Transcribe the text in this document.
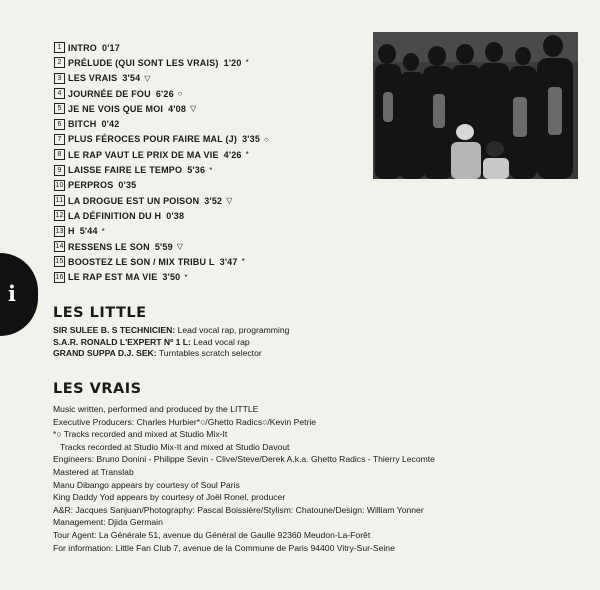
1 INTRO 0'17
2 PRÉLUDE (QUI SONT LES VRAIS) 1'20 *
3 LES VRAIS 3'54 ▽
4 JOURNÉE DE FOU 6'26 ○
5 JE NE VOIS QUE MOI 4'08 ▽
6 BITCH 0'42
7 PLUS FÉROCES POUR FAIRE MAL (J) 3'35 ○
8 LE RAP VAUT LE PRIX DE MA VIE 4'26 *
9 LAISSE FAIRE LE TEMPO 5'36 *
10 PERPROS 0'35
11 LA DROGUE EST UN POISON 3'52 ▽
12 LA DÉFINITION DU H 0'38
13 H 5'44 *
14 RESSENS LE SON 5'59 ▽
15 BOOSTEZ LE SON / MIX TRIBU L 3'47 *
16 LE RAP EST MA VIE 3'50 *
i
LES LITTLE
SIR SULEE B. S TECHNICIEN: Lead vocal rap, programming
S.A.R. RONALD L'EXPERT Nº 1 L: Lead vocal rap
GRAND SUPPA D.J. SEK: Turntables scratch selector
LES VRAIS
Music written, performed and produced by the LITTLE
Executive Producers: Charles Hurbier*○/Ghetto Radics○/Kevin Petrie
*○ Tracks recorded and mixed at Studio Mix-It
Tracks recorded at Studio Mix-It and mixed at Studio Davout
Engineers: Bruno Donini - Philippe Sevin - Clive/Steve/Derek A.k.a. Ghetto Radics - Thierry Lecomte
Mastered at Translab
Manu Dibango appears by courtesy of Soul Paris
King Daddy Yod appears by courtesy of Joël Ronel, producer
A&R: Jacques Sanjuan/Photography: Pascal Boissière/Stylism: Chatoune/Design: William Yonner
Management: Djida Germain
Tour Agent: La Générale 51, avenue du Général de Gaulle 92360 Meudon-La-Forêt
For information: Little Fan Club 7, avenue de la Commune de Paris 94400 Vitry-Sur-Seine
